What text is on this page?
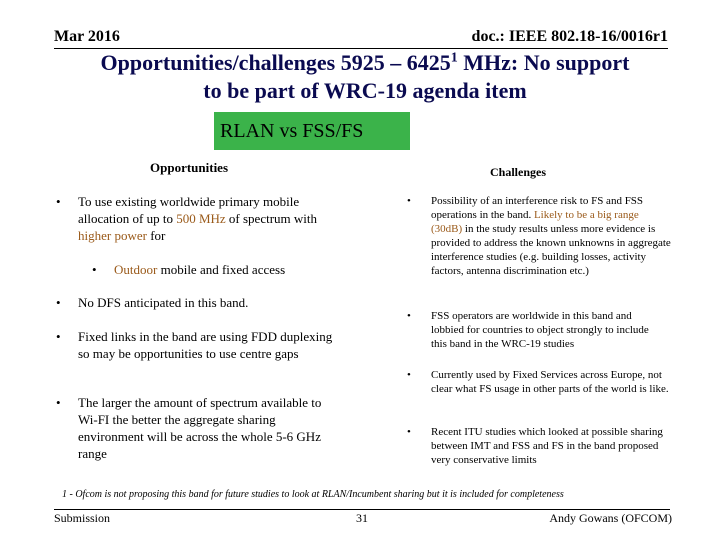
Mar 2016	doc.: IEEE 802.18-16/0016r1
Opportunities/challenges 5925 – 6425$^1$ MHz: No support
to be part of WRC-19 agenda item
RLAN vs FSS/FS
Opportunities
• To use existing worldwide primary mobile allocation of up to 500 MHz of spectrum with higher power for
• Outdoor mobile and fixed access
• No DFS anticipated in this band.
• Fixed links in the band are using FDD duplexing so may be opportunities to use centre gaps
• The larger the amount of spectrum available to Wi-FI the better the aggregate sharing environment will be across the whole 5-6 GHz range
Challenges
• Possibility of an interference risk to FS and FSS operations in the band. Likely to be a big range (30dB) in the study results unless more evidence is provided to address the known unknowns in aggregate interference studies (e.g. building losses, activity factors, antenna discrimination etc.)
• FSS operators are worldwide in this band and lobbied for countries to object strongly to include this band in the WRC-19 studies
• Currently used by Fixed Services across Europe, not clear what FS usage in other parts of the world is like.
• Recent ITU studies which looked at possible sharing between IMT and FSS and FS in the band proposed very conservative limits
1 - Ofcom is not proposing this band for future studies to look at RLAN/Incumbent sharing but it is included for completeness
Submission	31	Andy Gowans (OFCOM)
